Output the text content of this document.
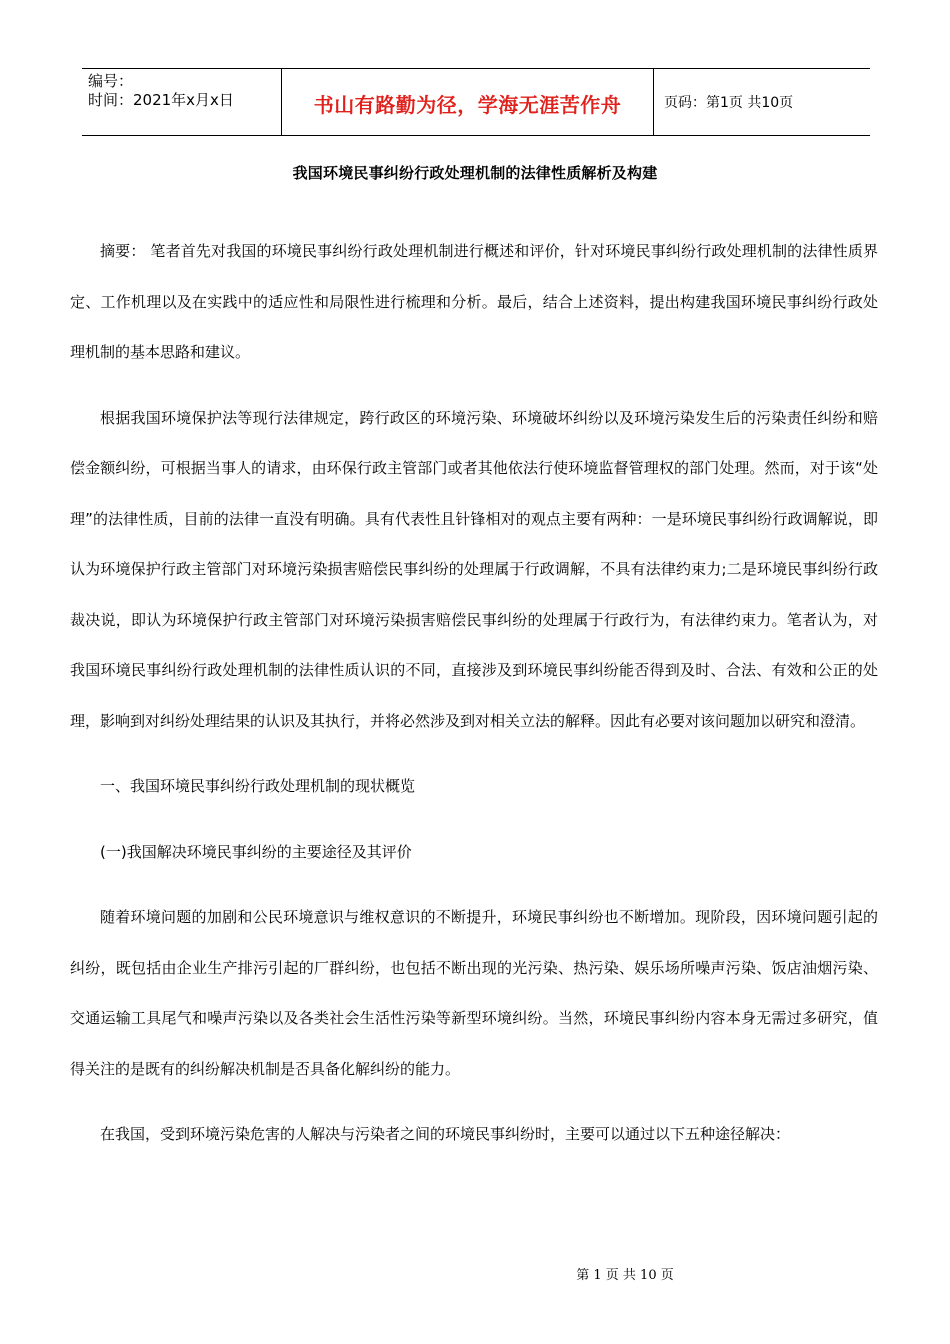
编号：
时间：2021年x月x日	书山有路勤为径，学海无涯苦作舟	页码：第1页 共10页
我国环境民事纠纷行政处理机制的法律性质解析及构建

摘要： 笔者首先对我国的环境民事纠纷行政处理机制进行概述和评价，针对环境民事纠纷行政处理机制的法律性质界定、工作机理以及在实践中的适应性和局限性进行梳理和分析。最后，结合上述资料，提出构建我国环境民事纠纷行政处理机制的基本思路和建议。

根据我国环境保护法等现行法律规定，跨行政区的环境污染、环境破坏纠纷以及环境污染发生后的污染责任纠纷和赔偿金额纠纷，可根据当事人的请求，由环保行政主管部门或者其他依法行使环境监督管理权的部门处理。然而，对于该“处理”的法律性质，目前的法律一直没有明确。具有代表性且针锋相对的观点主要有两种：一是环境民事纠纷行政调解说，即认为环境保护行政主管部门对环境污染损害赔偿民事纠纷的处理属于行政调解，不具有法律约束力;二是环境民事纠纷行政裁决说，即认为环境保护行政主管部门对环境污染损害赔偿民事纠纷的处理属于行政行为，有法律约束力。笔者认为，对我国环境民事纠纷行政处理机制的法律性质认识的不同，直接涉及到环境民事纠纷能否得到及时、合法、有效和公正的处理，影响到对纠纷处理结果的认识及其执行，并将必然涉及到对相关立法的解释。因此有必要对该问题加以研究和澄清。

一、我国环境民事纠纷行政处理机制的现状概览

(一)我国解决环境民事纠纷的主要途径及其评价

随着环境问题的加剧和公民环境意识与维权意识的不断提升，环境民事纠纷也不断增加。现阶段，因环境问题引起的纠纷，既包括由企业生产排污引起的厂群纠纷，也包括不断出现的光污染、热污染、娱乐场所噪声污染、饭店油烟污染、交通运输工具尾气和噪声污染以及各类社会生活性污染等新型环境纠纷。当然，环境民事纠纷内容本身无需过多研究，值得关注的是既有的纠纷解决机制是否具备化解纠纷的能力。

在我国，受到环境污染危害的人解决与污染者之间的环境民事纠纷时，主要可以通过以下五种途径解决：

第 1 页 共 10 页
